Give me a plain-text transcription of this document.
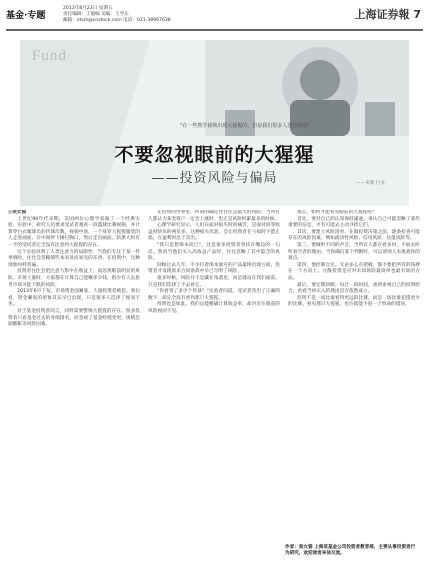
基金·专题
2013年8月23日 星期五
责任编辑：王敏编 美编：王学东
邮箱：xtsm@cnstock.com 电话：021-38967638	上海证券報 7
Fund
"在一些教学视频出现大猩猩的，但是我们很多人没有看见"
不要忽视眼前的大猩猩
——投资风险与偏局	——来源 行业

◎美女猫

上世纪90年代末期，美国两位心理学家做了一个经典实验。实验中，研究人员要求受试者观看一段篮球比赛视频，并计算穿白衣服球员的传球次数。视频中途，一个身穿大猩猩服装的人走进画面，在中间停下捶打胸口，然后走出画面。结果大约有一半的受试者完全没有注意到大猩猩的存在。

这个实验说明了人类注意力的局限性：当我们专注于某一件事情时，往往会忽略那些本来显而易见的东西。在投资中，这种现象同样普遍。

投资者往往会把注意力集中在收益上，而忽视眼前明显的风险。市场上涨时，大家都在计算自己能赚多少钱，很少有人去思考市场可能下跌的风险。

2013年6月下旬，市场资金面紧张，大量投资者被套。事后看，资金紧张的迹象其实早已出现，只是很多人选择了视而不见。

对于基金投资者而言，同样需要警惕大猩猩的存在。很多投资者只看基金过去的业绩排名，而忽视了基金经理变更、规模急剧膨胀等风险因素。

在投资的世界里，所谓的确定性往往是最大的风险。当所有人都认为某类资产一定会上涨时，也正是风险积累最多的时候。

心理学研究显示，人们在面对损失时的痛苦，是面对同等收益时快乐的两倍多。这种损失厌恶，会让投资者在亏损时不愿止损，在盈利时急于卖出。

"我只是想保本而已"，这是很多投资者常挂在嘴边的一句话。然而当他们买入高收益产品时，往往忽略了其中隐含的风险。

回顾过去几年，不少打着保本旗号的产品最终出现亏损，投资者才发现原来合同条款中早已写明了风险。

很多时候，风险并不是藏在角落里，而是就站在我们面前，只是我们选择了不去看它。

"你看到了多少个传球？"实验者问道。受试者答出了正确的数字，却完全没有看到那只大猩猩。

投资也是如此。我们总能精确计算收益率，却对近在眼前的风险视而不见。

那么，如何才能看见眼前的大猩猩呢？

首先，要对自己的认知保持谦逊。承认自己可能忽略了某些重要的信息，才有可能去主动寻找它们。

其次，要建立风险清单。在做投资决策之前，逐条检查可能存在的风险因素，例如流动性风险、信用风险、估值风险等。

第三，要倾听不同的声音。当所有人都在看多时，不妨去听听看空者的理由；当你确信某个判断时，可以请别人来挑战你的观点。

第四，要控制仓位。无论多么有把握，都不要把所有的钱押在一个方向上。分散投资是应对未知风险最简单也最有效的方法。

最后，要定期回顾。每过一段时间，重新审视自己的投资组合，看看当初买入的理由是否依然成立。

投资不是一场比谁看得更远的比赛，而是一场比谁犯错更少的比赛。看见那只大猩猩，也许就能少犯一个致命的错误。

作者：美女猫 上海某基金公司投资者教育部，主要从事投资者行为研究，欢迎读者来信交流。
